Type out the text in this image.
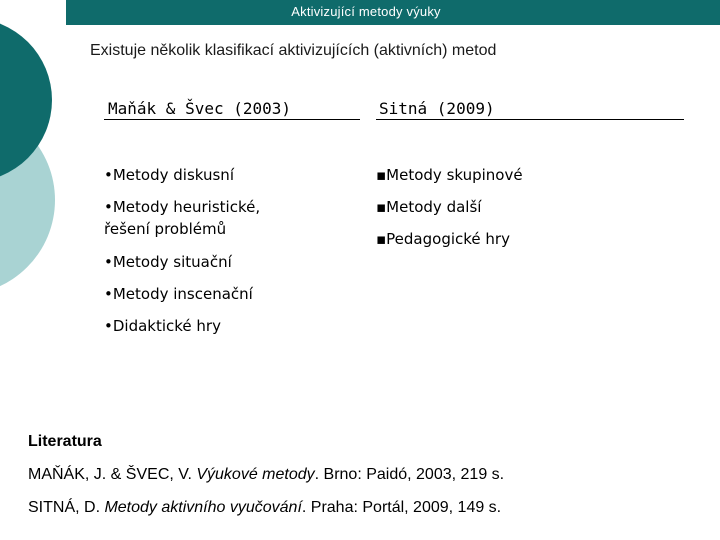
Aktivizující metody výuky
Existuje několik klasifikací aktivizujících (aktivních) metod
Maňák & Švec (2003)	Sitná (2009)
•Metody diskusní
•Metody heuristické,
řešení problémů
•Metody situační
•Metody inscenační
•Didaktické hry
▪Metody skupinové
▪Metody další
▪Pedagogické hry
Literatura
MAŇÁK, J. & ŠVEC, V. Výukové metody. Brno: Paidó, 2003, 219 s.
SITNÁ, D. Metody aktivního vyučování. Praha: Portál, 2009, 149 s.
